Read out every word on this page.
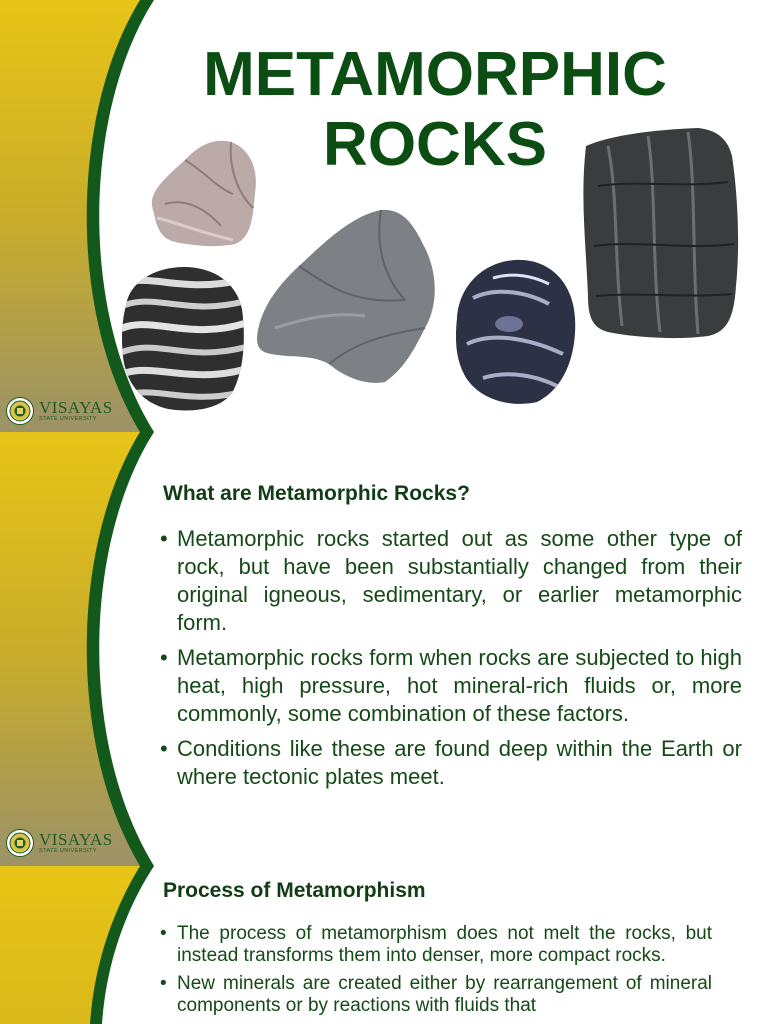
VISAYAS
STATE UNIVERSITY
METAMORPHIC
ROCKS
VISAYAS
STATE UNIVERSITY
What are Metamorphic Rocks?
• Metamorphic rocks started out as some other type of rock, but have been substantially changed from their original igneous, sedimentary, or earlier metamorphic form.
• Metamorphic rocks form when rocks are subjected to high heat, high pressure, hot mineral-rich fluids or, more commonly, some combination of these factors.
• Conditions like these are found deep within the Earth or where tectonic plates meet.
Process of Metamorphism
• The process of metamorphism does not melt the rocks, but instead transforms them into denser, more compact rocks.
• New minerals are created either by rearrangement of mineral components or by reactions with fluids that
